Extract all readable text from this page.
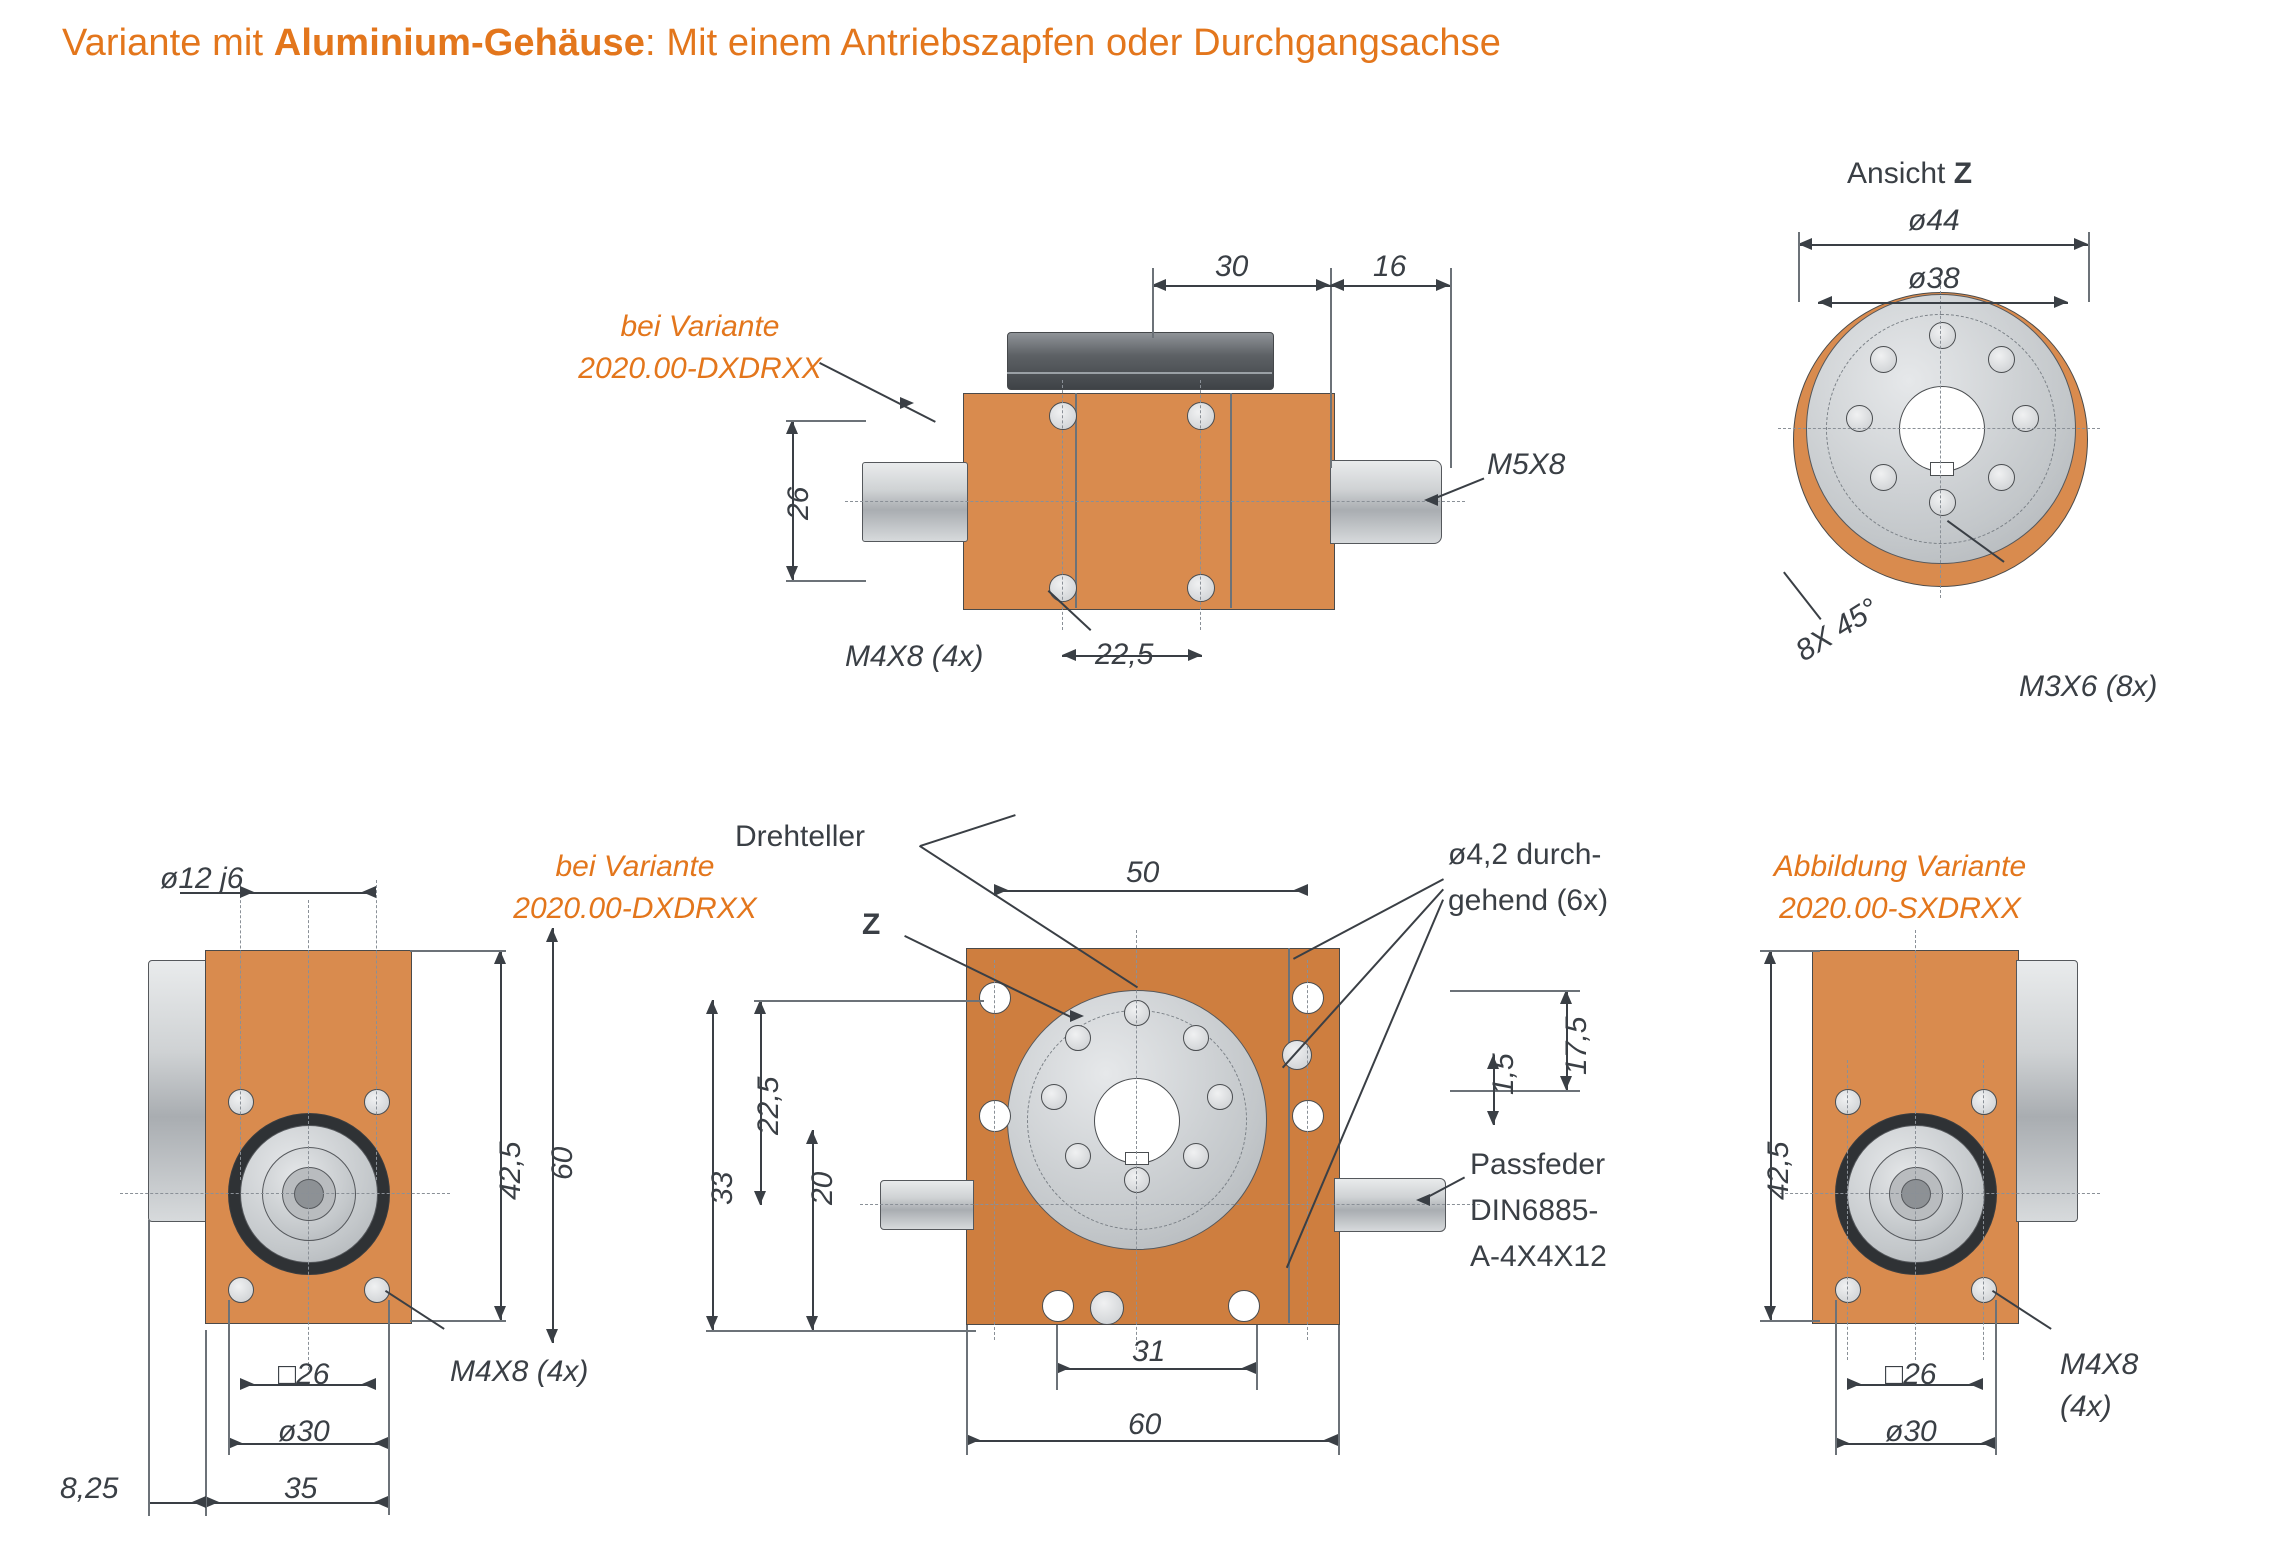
Variante mit Aluminium-Gehäuse: Mit einem Antriebszapfen oder Durchgangsachse
30	16
26
22,5
M5X8
M4X8 (4x)
bei Variante
2020.00-DXDRXX
Ansicht Z
ø44
ø38
8X 45°
M3X6 (8x)
ø12 j6
42,5 60
□26
ø30
35
8,25
M4X8 (4x)
bei Variante
2020.00-DXDRXX
Drehteller
Z
50
22,5
33 20
31
60
17,5
1,5
ø4,2 durch-
gehend (6x)
Passfeder
DIN6885-
A-4X4X12
Abbildung Variante
2020.00-SXDRXX
42,5
□26
ø30
M4X8
(4x)
